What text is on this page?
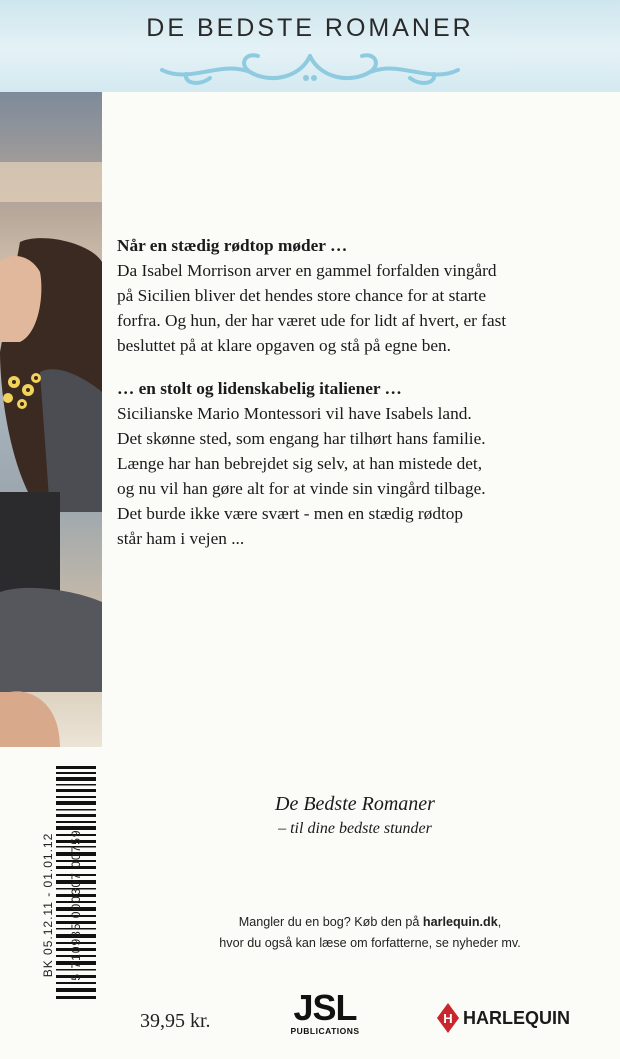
DE BEDSTE ROMANER
BK 05.12.11 - 01.01.12 5 710935 000307 00759

Når en stædig rødtop møder …

Da Isabel Morrison arver en gammel forfalden vingård

på Sicilien bliver det hendes store chance for at starte

forfra. Og hun, der har været ude for lidt af hvert, er fast

besluttet på at klare opgaven og stå på egne ben.

… en stolt og lidenskabelig italiener …

Sicilianske Mario Montessori vil have Isabels land.

Det skønne sted, som engang har tilhørt hans familie.

Længe har han bebrejdet sig selv, at han mistede det,

og nu vil han gøre alt for at vinde sin vingård tilbage.

Det burde ikke være svært - men en stædig rødtop

står ham i vejen ...

De Bedste Romaner
– til dine bedste stunder
Mangler du en bog? Køb den på harlequin.dk,
hvor du også kan læse om forfatterne, se nyheder mv.
39,95 kr.	JSL
PUBLICATIONS
H HARLEQUIN
